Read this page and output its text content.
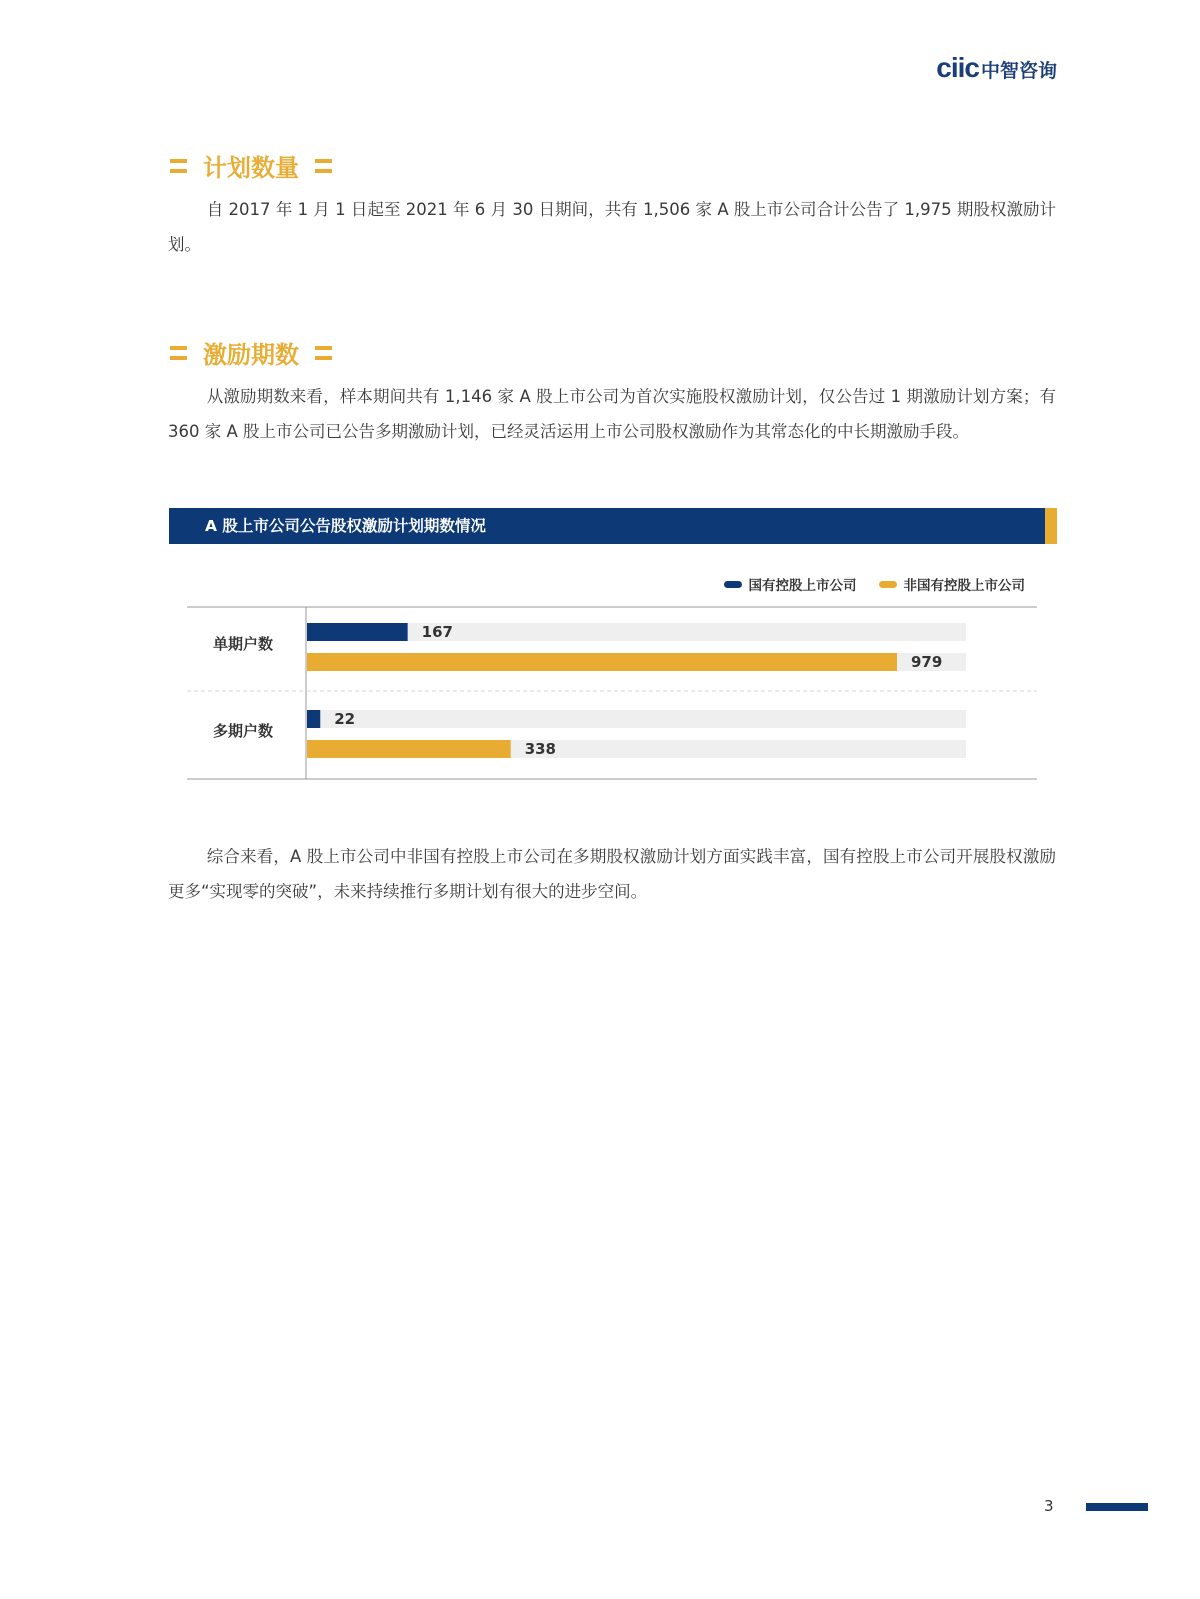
ciic 中智咨询
计划数量

自 2017 年 1 月 1 日起至 2021 年 6 月 30 日期间，共有 1,506 家 A 股上市公司合计公告了 1,975 期股权激励计划。

激励期数

从激励期数来看，样本期间共有 1,146 家 A 股上市公司为首次实施股权激励计划，仅公告过 1 期激励计划方案；有 360 家 A 股上市公司已公告多期激励计划，已经灵活运用上市公司股权激励作为其常态化的中长期激励手段。

A 股上市公司公告股权激励计划期数情况
国有控股上市公司	非国有控股上市公司
单期户数
167
979
多期户数
22
338

综合来看，A 股上市公司中非国有控股上市公司在多期股权激励计划方面实践丰富，国有控股上市公司开展股权激励更多“实现零的突破”，未来持续推行多期计划有很大的进步空间。

3
